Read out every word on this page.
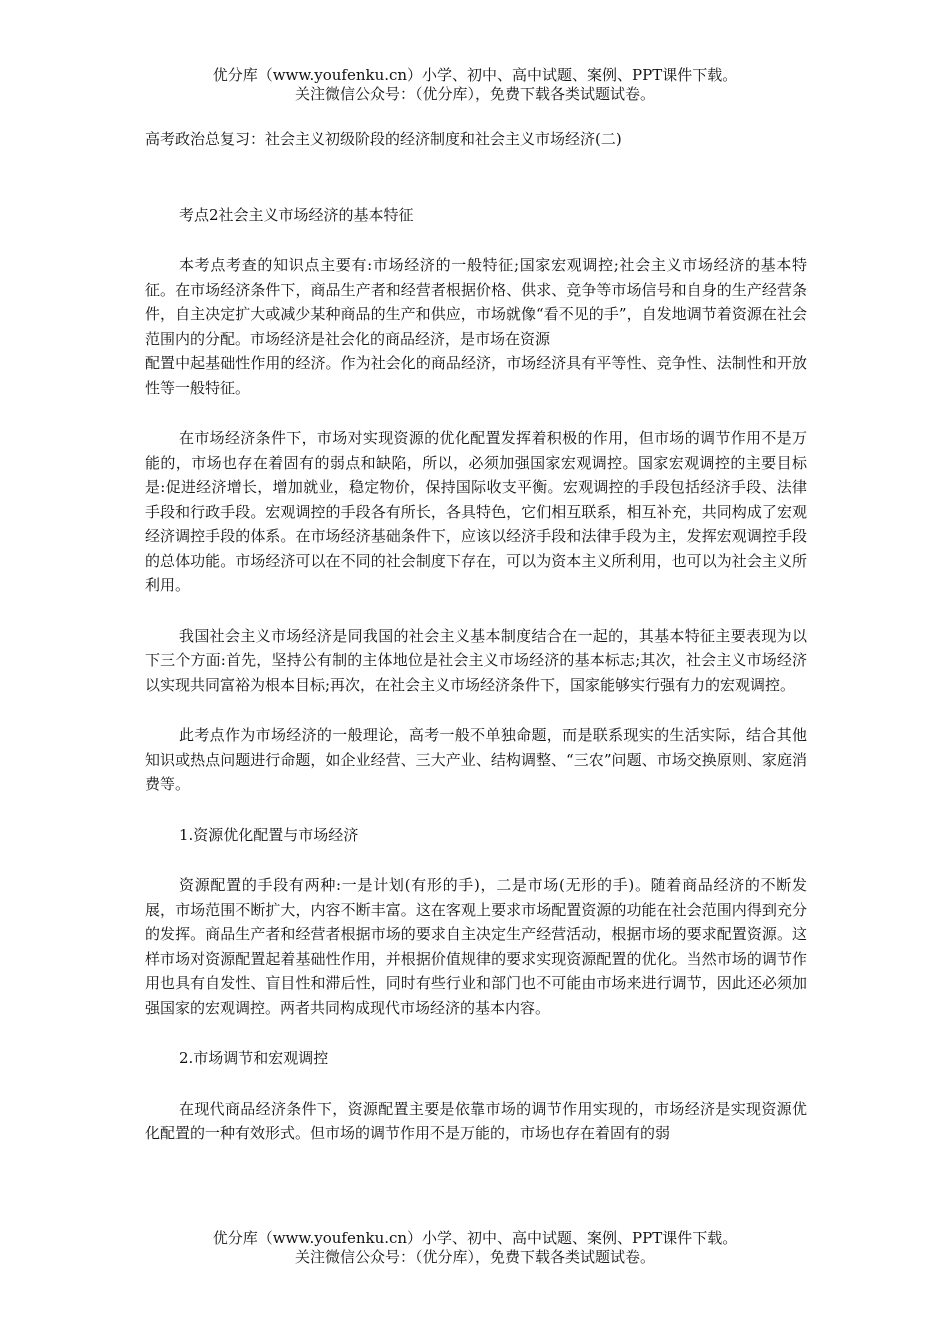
优分库（www.youfenku.cn）小学、初中、高中试题、案例、PPT课件下载。
关注微信公众号：（优分库），免费下载各类试题试卷。

高考政治总复习：社会主义初级阶段的经济制度和社会主义市场经济(二)

考点2社会主义市场经济的基本特征

本考点考查的知识点主要有:市场经济的一般特征;国家宏观调控;社会主义市场经济的基本特征。在市场经济条件下，商品生产者和经营者根据价格、供求、竞争等市场信号和自身的生产经营条件，自主决定扩大或减少某种商品的生产和供应，市场就像“看不见的手”，自发地调节着资源在社会范围内的分配。市场经济是社会化的商品经济，是市场在资源

配置中起基础性作用的经济。作为社会化的商品经济，市场经济具有平等性、竞争性、法制性和开放性等一般特征。

在市场经济条件下，市场对实现资源的优化配置发挥着积极的作用，但市场的调节作用不是万能的，市场也存在着固有的弱点和缺陷，所以，必须加强国家宏观调控。国家宏观调控的主要目标是:促进经济增长，增加就业，稳定物价，保持国际收支平衡。宏观调控的手段包括经济手段、法律手段和行政手段。宏观调控的手段各有所长，各具特色，它们相互联系，相互补充，共同构成了宏观经济调控手段的体系。在市场经济基础条件下，应该以经济手段和法律手段为主，发挥宏观调控手段的总体功能。市场经济可以在不同的社会制度下存在，可以为资本主义所利用，也可以为社会主义所利用。

我国社会主义市场经济是同我国的社会主义基本制度结合在一起的，其基本特征主要表现为以下三个方面:首先，坚持公有制的主体地位是社会主义市场经济的基本标志;其次，社会主义市场经济以实现共同富裕为根本目标;再次，在社会主义市场经济条件下，国家能够实行强有力的宏观调控。

此考点作为市场经济的一般理论，高考一般不单独命题，而是联系现实的生活实际，结合其他知识或热点问题进行命题，如企业经营、三大产业、结构调整、“三农”问题、市场交换原则、家庭消费等。

1.资源优化配置与市场经济

资源配置的手段有两种:一是计划(有形的手)，二是市场(无形的手)。随着商品经济的不断发展，市场范围不断扩大，内容不断丰富。这在客观上要求市场配置资源的功能在社会范围内得到充分的发挥。商品生产者和经营者根据市场的要求自主决定生产经营活动，根据市场的要求配置资源。这样市场对资源配置起着基础性作用，并根据价值规律的要求实现资源配置的优化。当然市场的调节作用也具有自发性、盲目性和滞后性，同时有些行业和部门也不可能由市场来进行调节，因此还必须加强国家的宏观调控。两者共同构成现代市场经济的基本内容。

2.市场调节和宏观调控

在现代商品经济条件下，资源配置主要是依靠市场的调节作用实现的，市场经济是实现资源优化配置的一种有效形式。但市场的调节作用不是万能的，市场也存在着固有的弱

优分库（www.youfenku.cn）小学、初中、高中试题、案例、PPT课件下载。
关注微信公众号：（优分库），免费下载各类试题试卷。
